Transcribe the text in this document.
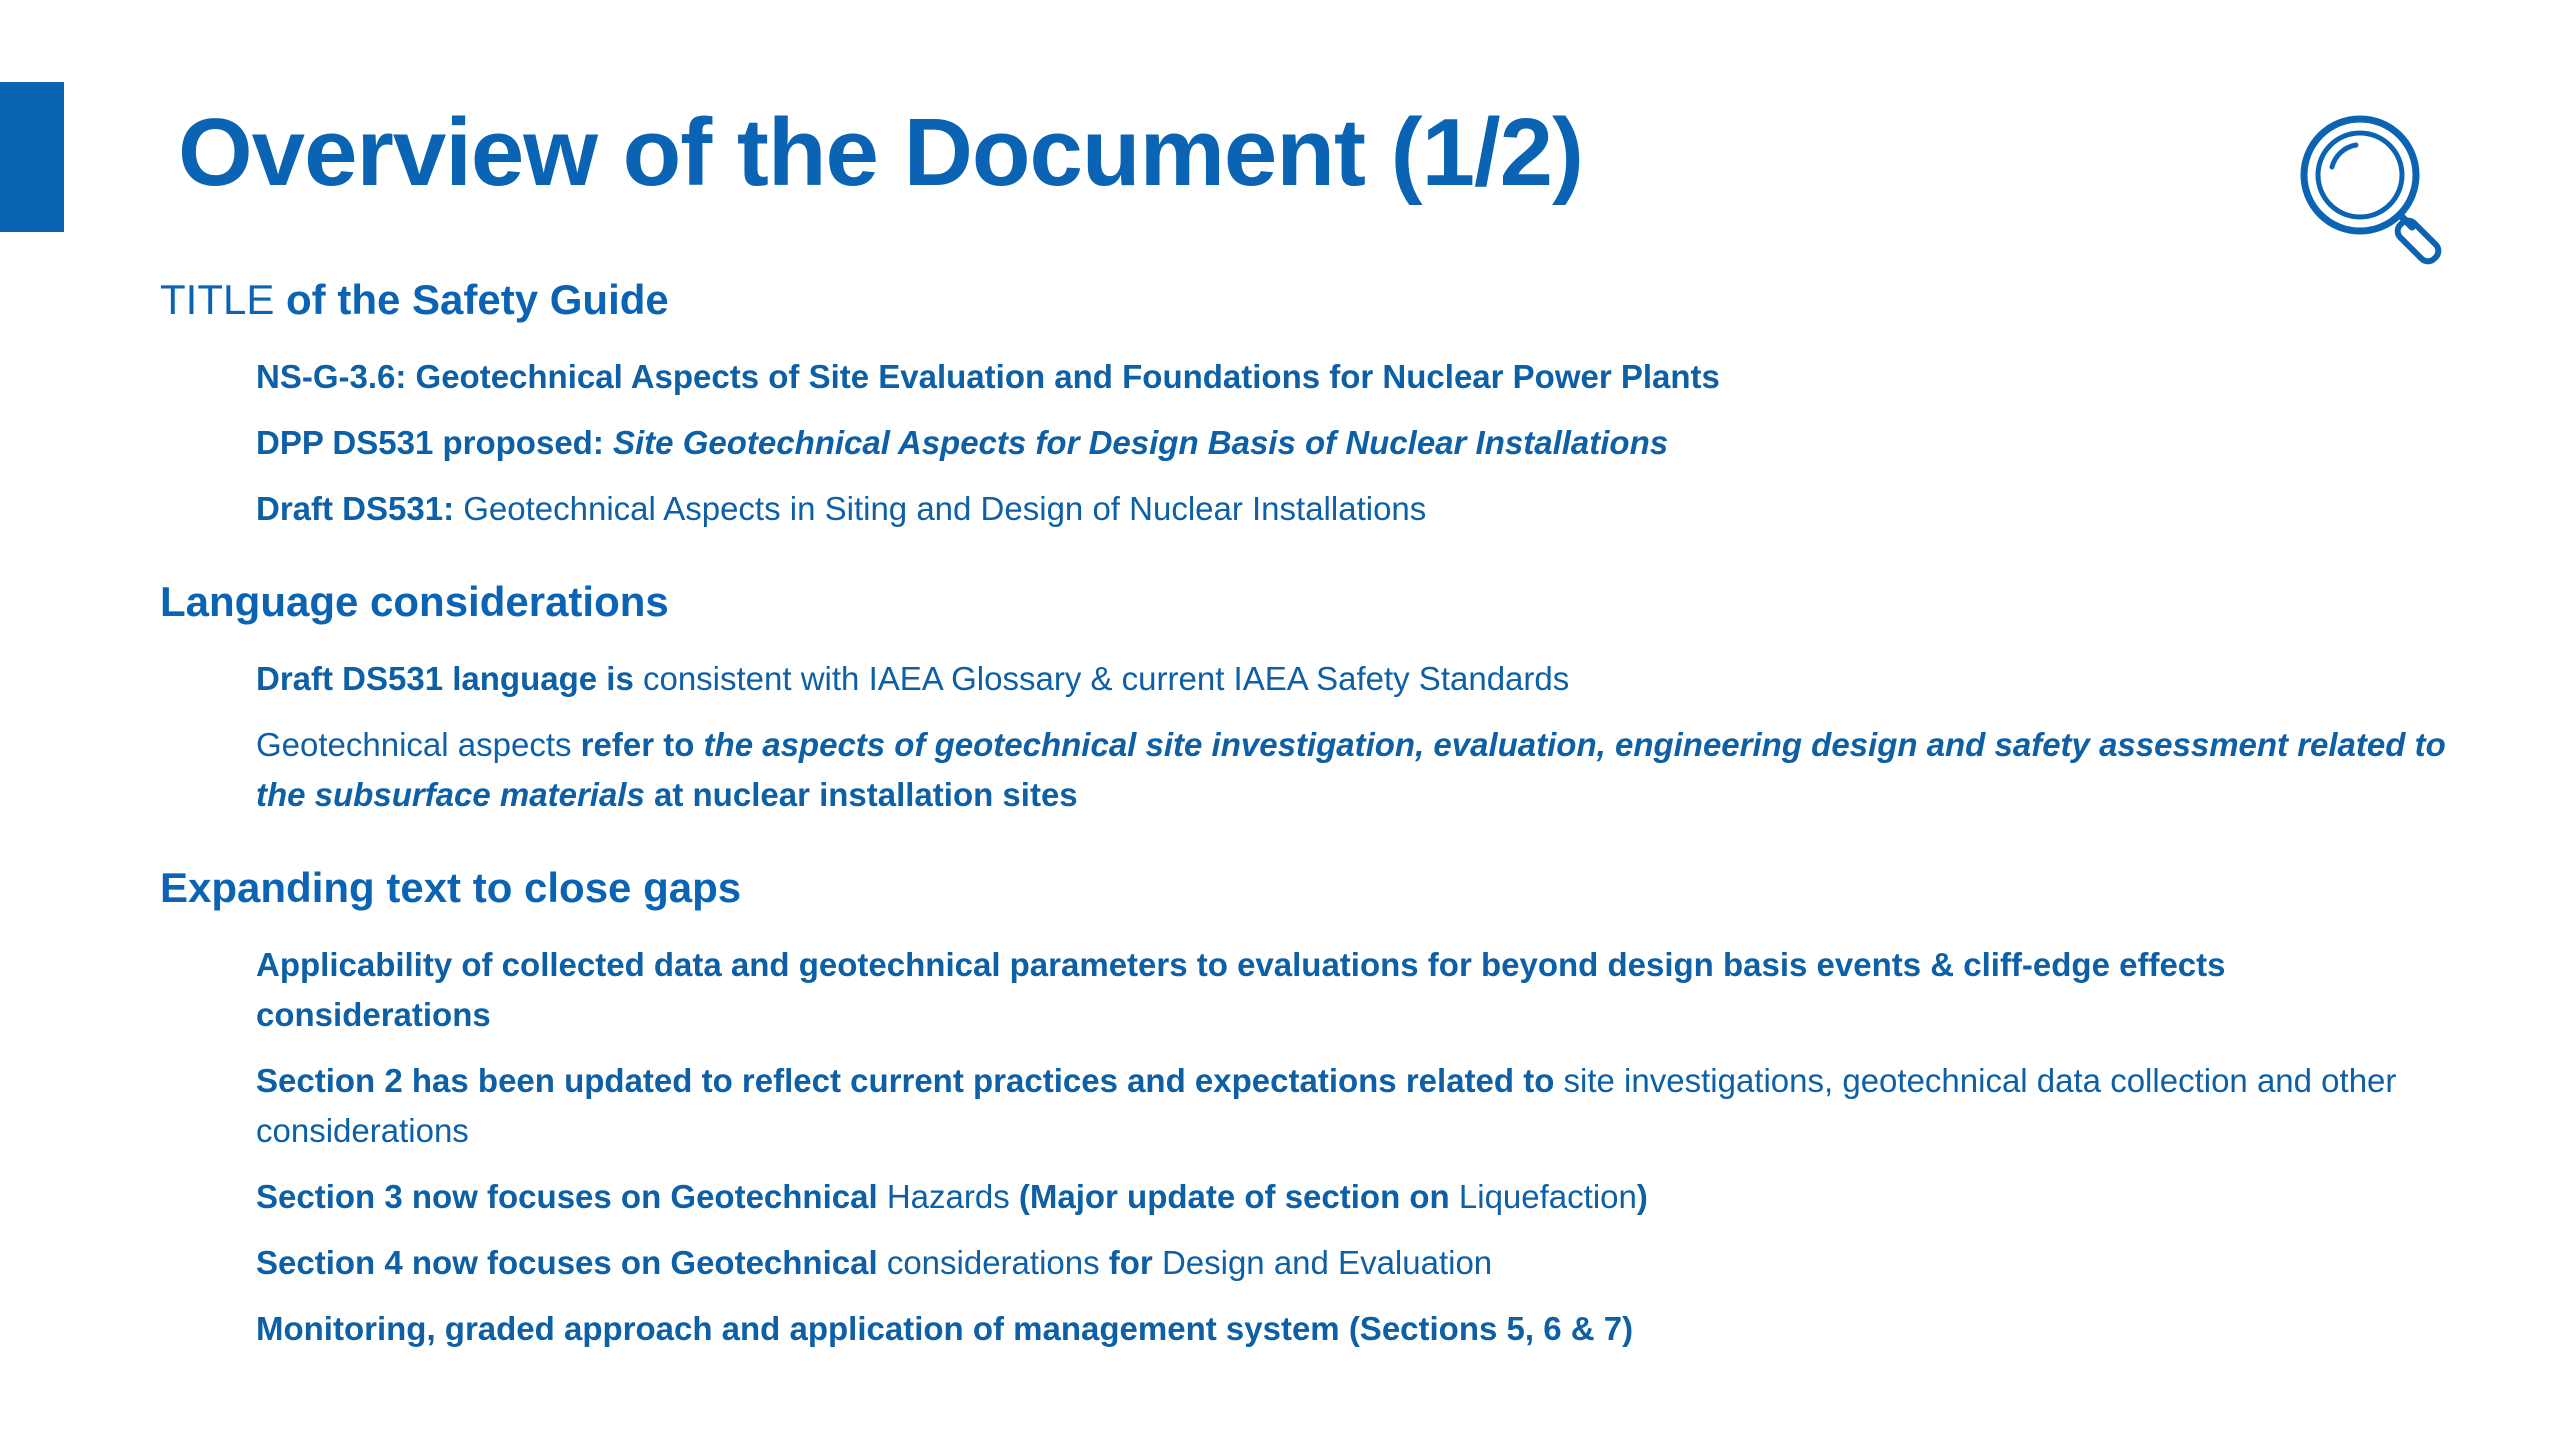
Overview of the Document (1/2)
TITLE of the Safety Guide
NS-G-3.6: Geotechnical Aspects of Site Evaluation and Foundations for Nuclear Power Plants
DPP DS531 proposed: Site Geotechnical Aspects for Design Basis of Nuclear Installations
Draft DS531: Geotechnical Aspects in Siting and Design of Nuclear Installations
Language considerations
Draft DS531 language is consistent with IAEA Glossary & current IAEA Safety Standards
Geotechnical aspects refer to the aspects of geotechnical site investigation, evaluation, engineering design and safety assessment related to the subsurface materials at nuclear installation sites
Expanding text to close gaps
Applicability of collected data and geotechnical parameters to evaluations for beyond design basis events & cliff-edge effects considerations
Section 2 has been updated to reflect current practices and expectations related to site investigations, geotechnical data collection and other considerations
Section 3 now focuses on Geotechnical Hazards (Major update of section on Liquefaction)
Section 4 now focuses on Geotechnical considerations for Design and Evaluation
Monitoring, graded approach and application of management system (Sections 5, 6 & 7)
